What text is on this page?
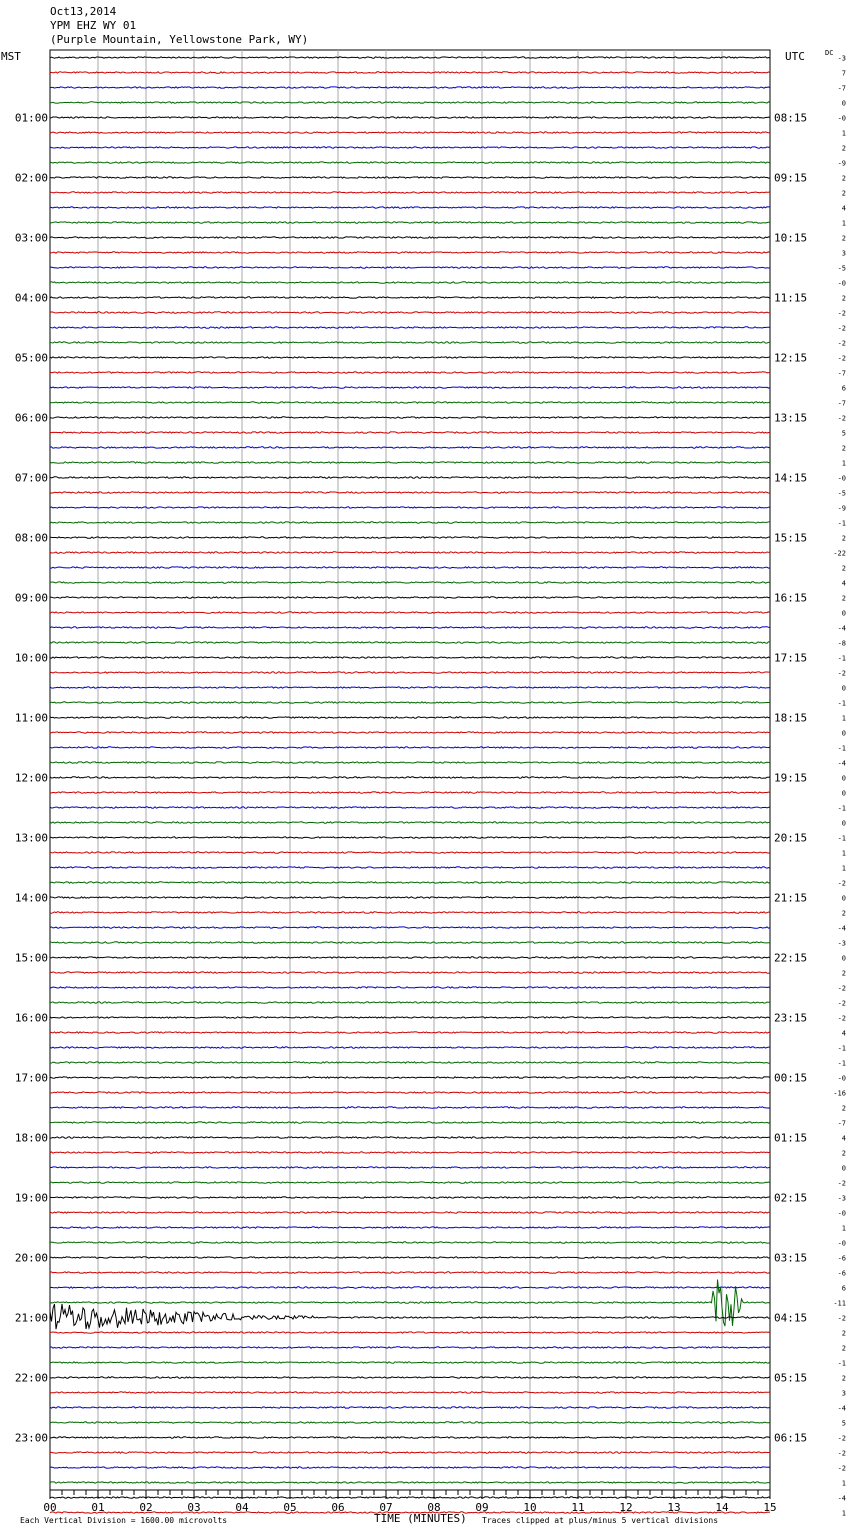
Oct13,2014
YPM EHZ WY 01
(Purple Mountain, Yellowstone Park, WY)
MST	UTC	-3
7
-7
0
-0
1
2
-9
2
2
4
1
2
3
-5
-0
2
-2
-2
-2
-2
-7
6
-7
-2
5
2
1
-0
-5
-9
-1
2
-22
2
4
2
0
-4
-8
-1
-2
0
-1
1
0
-1
-4
0
0
-1
0
-1
1
1
-2
0
2
-4
-3
0
2
-2
-2
-2
4
-1
-1
-0
-16
2
-7
4
2
0
-2
-3
-0
1
-0
-6
-6
6
-11
-2
2
2
-1
2
3
-4
5
-2
-2
-2
1
-4
1
DC
01:00
02:00
03:00
04:00
05:00
06:00
07:00
08:00
09:00
10:00
11:00
12:00
13:00
14:00
15:00
16:00
17:00
18:00
19:00
20:00
21:00
22:00
23:00
08:15
09:15
10:15
11:15
12:15
13:15
14:15
15:15
16:15
17:15
18:15
19:15
20:15
21:15
22:15
23:15
00:15
01:15
02:15
03:15
04:15
05:15
06:15
00	01	02	03	04	05	06	07	08	09	10	11	12	13	14	15
Each Vertical Division = 1600.00 microvolts	TIME (MINUTES) Traces clipped at plus/minus 5 vertical divisions
